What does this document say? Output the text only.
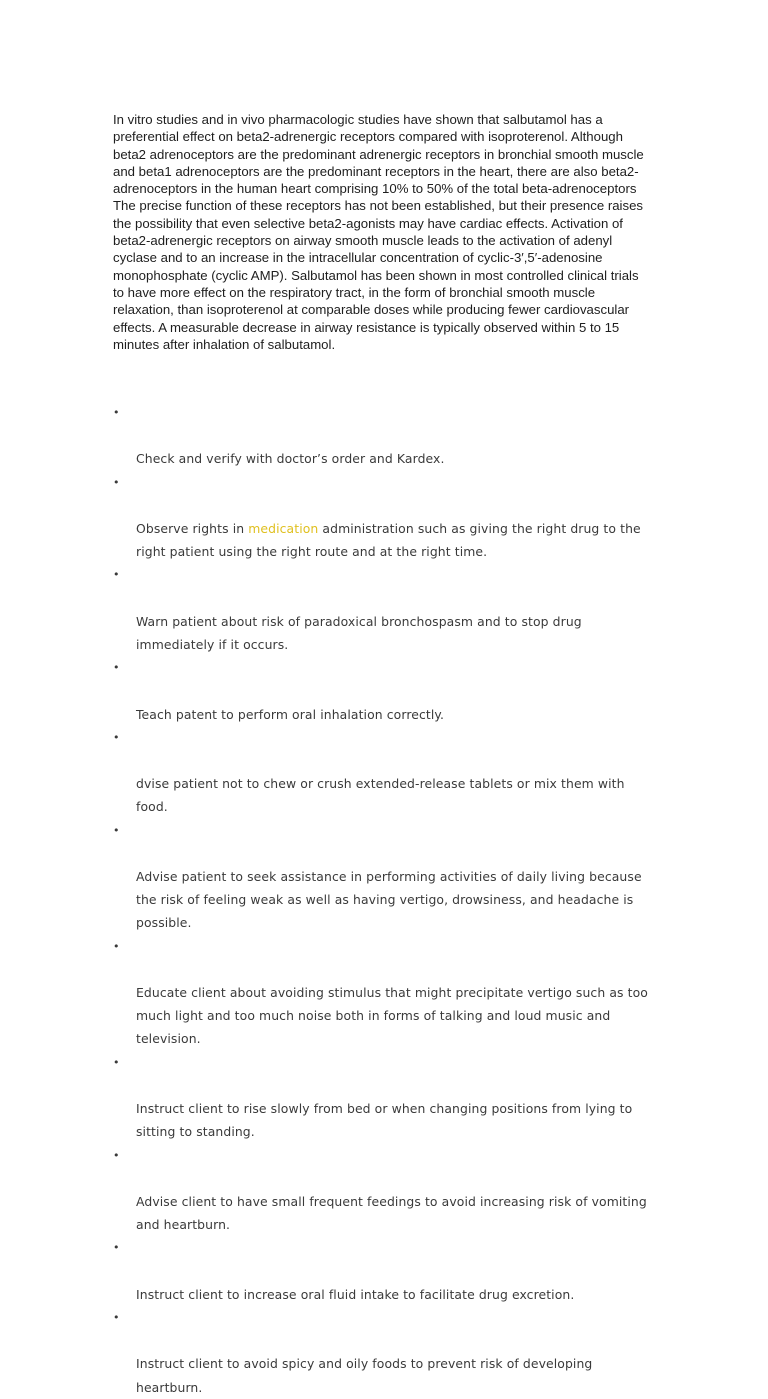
In vitro studies and in vivo pharmacologic studies have shown that salbutamol has a
preferential effect on beta2-adrenergic receptors compared with isoproterenol. Although
beta2 adrenoceptors are the predominant adrenergic receptors in bronchial smooth muscle
and beta1 adrenoceptors are the predominant receptors in the heart, there are also beta2-
adrenoceptors in the human heart comprising 10% to 50% of the total beta-adrenoceptors
The precise function of these receptors has not been established, but their presence raises
the possibility that even selective beta2-agonists may have cardiac effects. Activation of
beta2-adrenergic receptors on airway smooth muscle leads to the activation of adenyl
cyclase and to an increase in the intracellular concentration of cyclic-3′,5′-adenosine
monophosphate (cyclic AMP). Salbutamol has been shown in most controlled clinical trials
to have more effect on the respiratory tract, in the form of bronchial smooth muscle
relaxation, than isoproterenol at comparable doses while producing fewer cardiovascular
effects. A measurable decrease in airway resistance is typically observed within 5 to 15
minutes after inhalation of salbutamol.

•

Check and verify with doctor’s order and Kardex.

•

Observe rights in medication administration such as giving the right drug to the
right patient using the right route and at the right time.

•

Warn patient about risk of paradoxical bronchospasm and to stop drug
immediately if it occurs.

•

Teach patent to perform oral inhalation correctly.

•

dvise patient not to chew or crush extended-release tablets or mix them with
food.

•

Advise patient to seek assistance in performing activities of daily living because
the risk of feeling weak as well as having vertigo, drowsiness, and headache is
possible.

•

Educate client about avoiding stimulus that might precipitate vertigo such as too
much light and too much noise both in forms of talking and loud music and
television.

•

Instruct client to rise slowly from bed or when changing positions from lying to
sitting to standing.

•

Advise client to have small frequent feedings to avoid increasing risk of vomiting
and heartburn.

•

Instruct client to increase oral fluid intake to facilitate drug excretion.

•

Instruct client to avoid spicy and oily foods to prevent risk of developing
heartburn.
